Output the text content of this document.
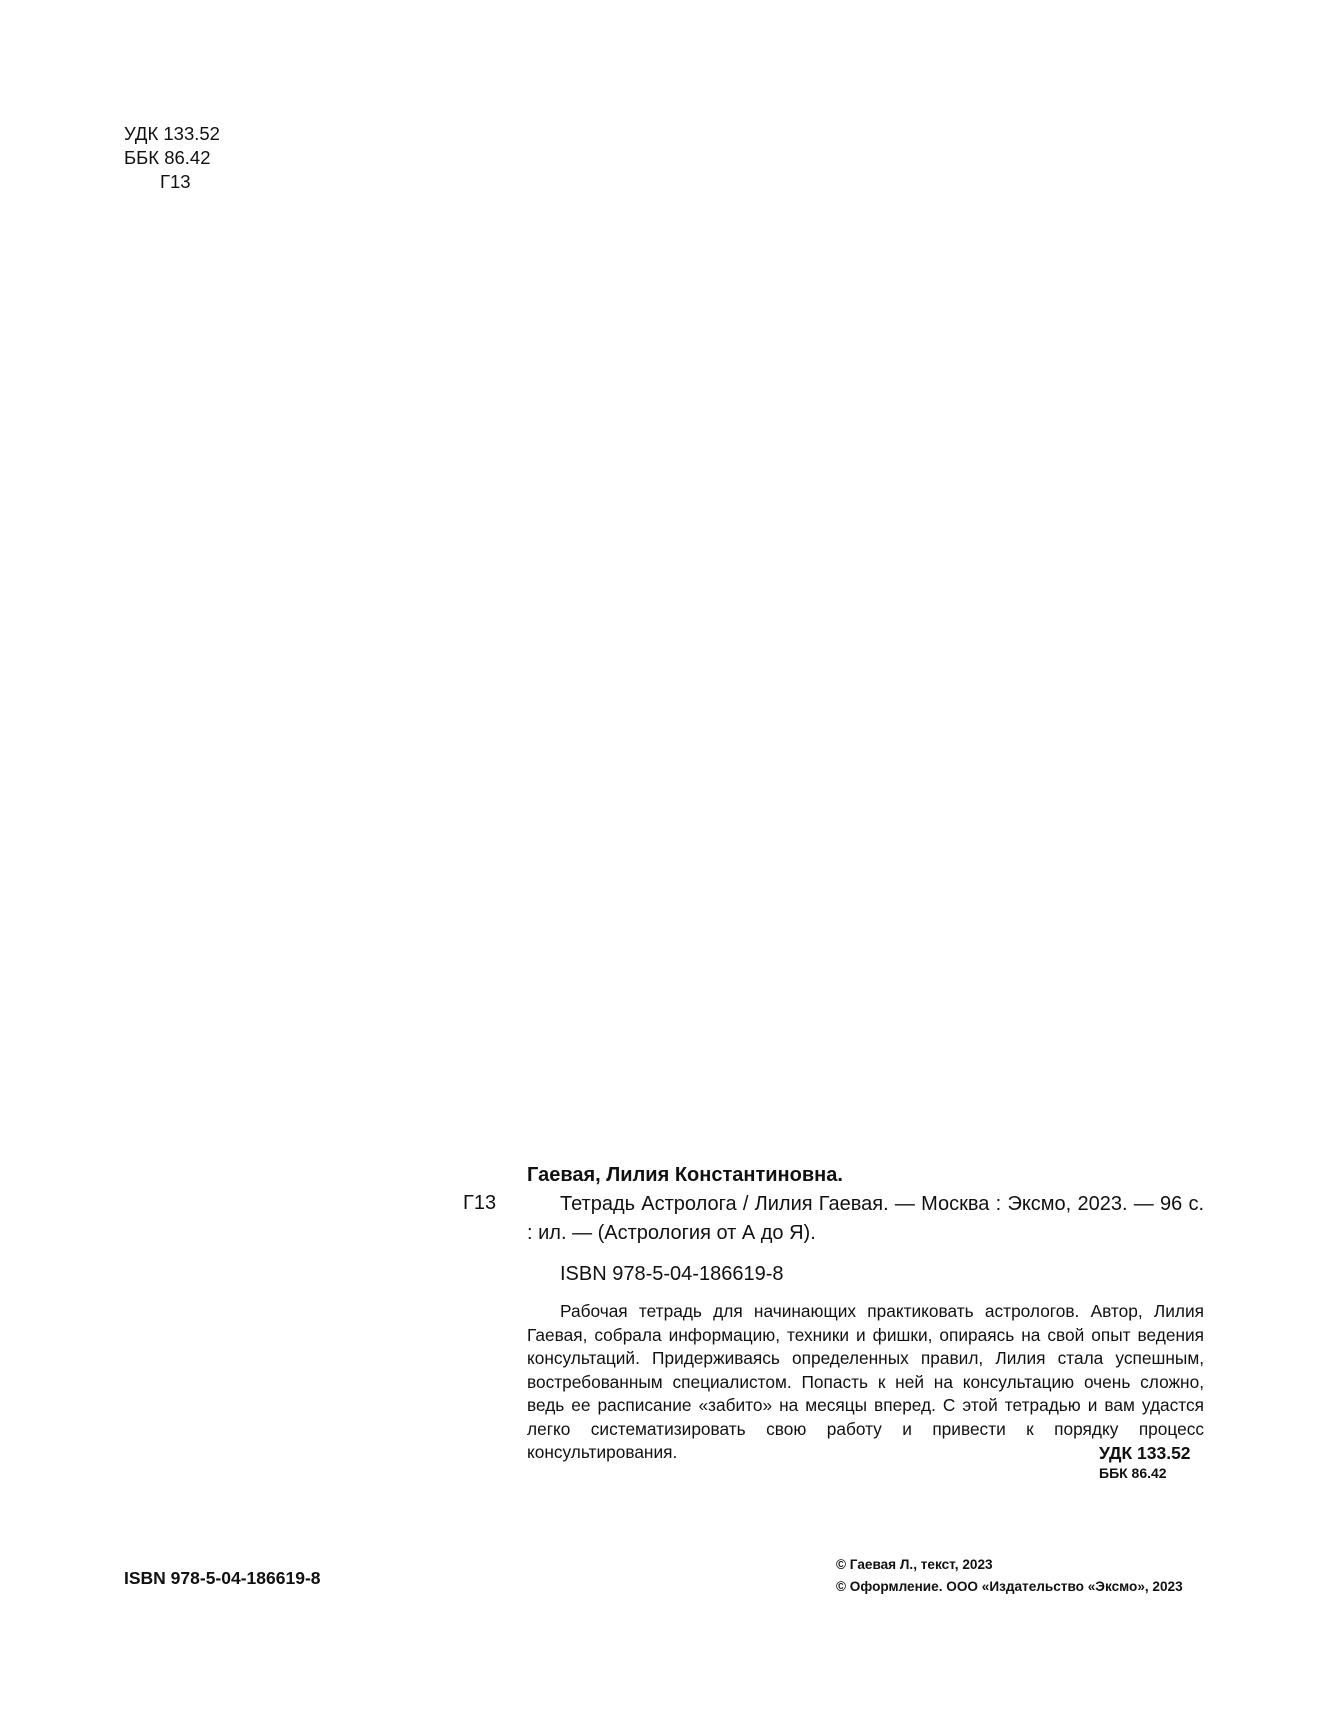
УДК 133.52
ББК 86.42
Г13
Г13
Гаевая, Лилия Константиновна.

Тетрадь Астролога / Лилия Гаевая. — Москва : Эксмо, 2023. — 96 с. : ил. — (Астрология от А до Я).

ISBN 978-5-04-186619-8

Рабочая тетрадь для начинающих практиковать астрологов. Автор, Лилия Гаевая, собрала информацию, техники и фишки, опираясь на свой опыт ведения консультаций. Придерживаясь определенных правил, Лилия стала успешным, востребованным специалистом. Попасть к ней на консультацию очень сложно, ведь ее расписание «забито» на месяцы вперед. С этой тетрадью и вам удастся легко систематизировать свою работу и привести к порядку процесс консультирования.	УДК 133.52
ББК 86.42
ISBN 978-5-04-186619-8
© Гаевая Л., текст, 2023
© Оформление. ООО «Издательство «Эксмо», 2023
